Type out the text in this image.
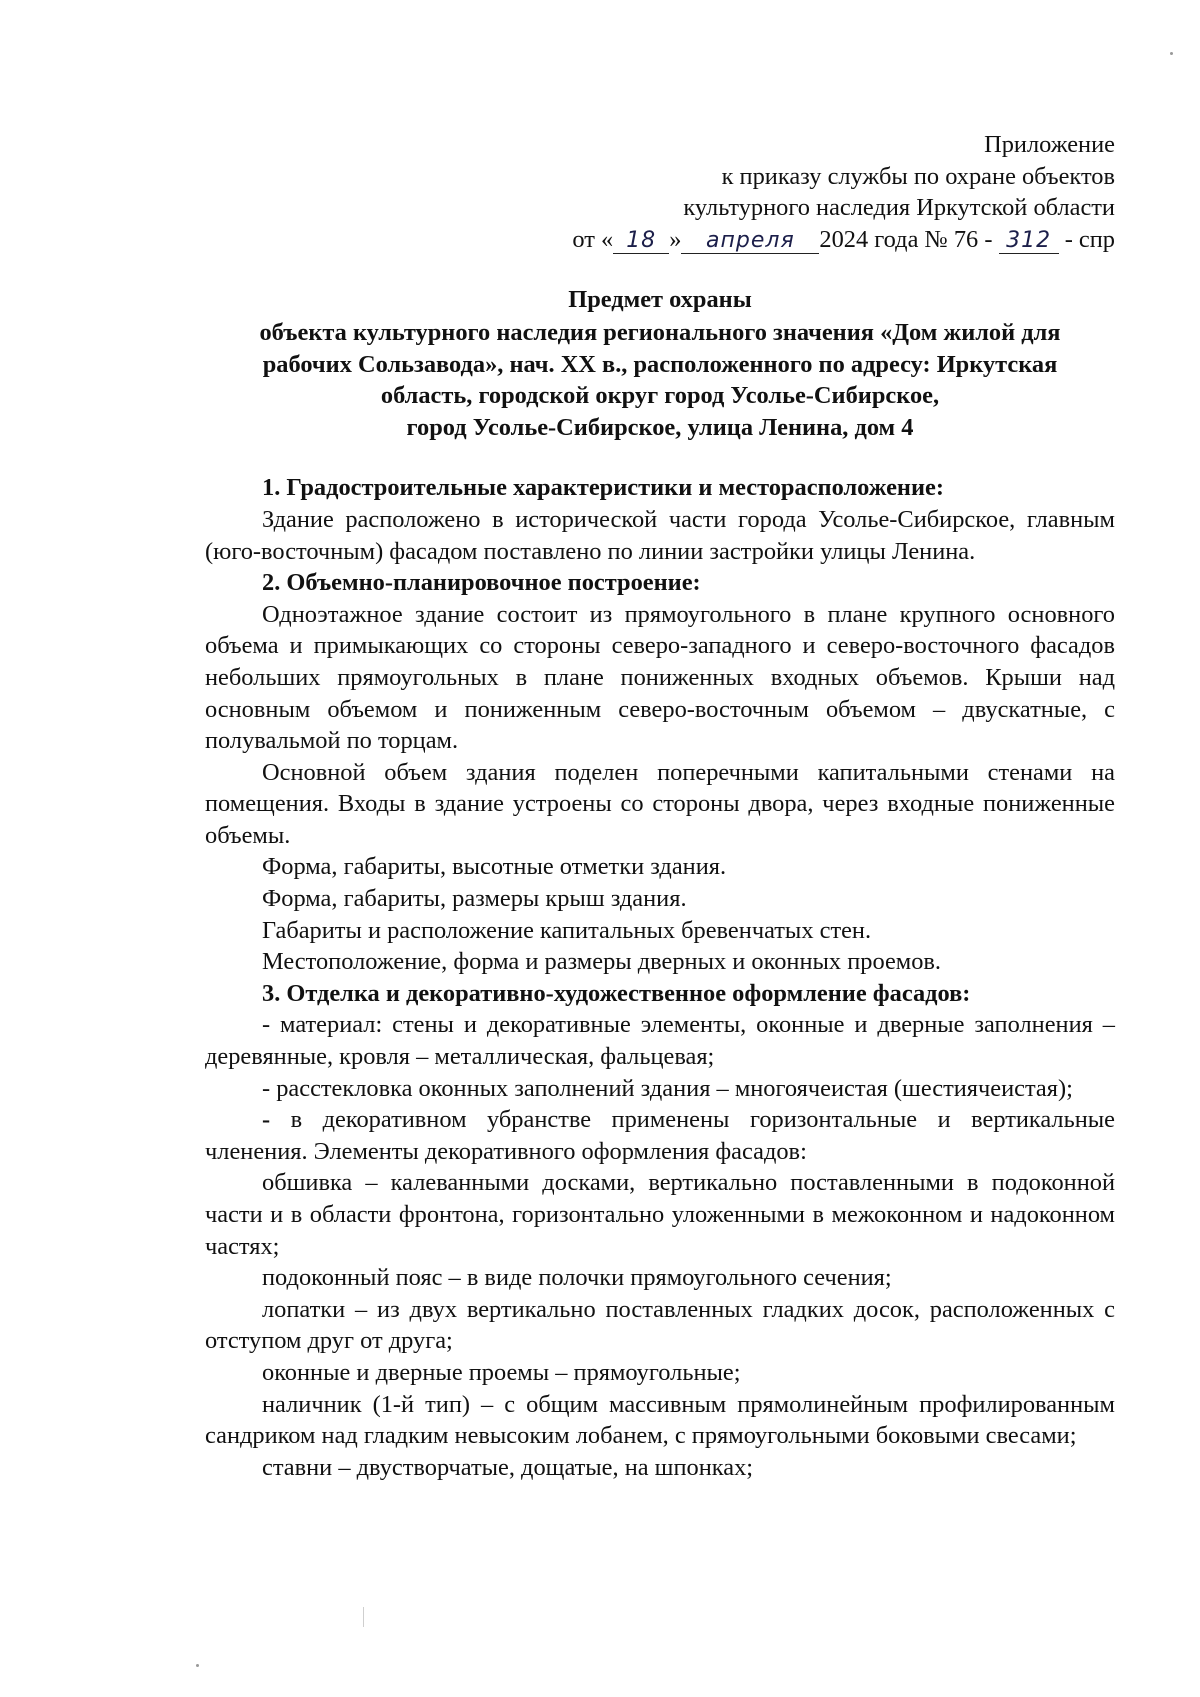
Приложение
к приказу службы по охране объектов
культурного наследия Иркутской области
от « 18 » апреля 2024 года № 76 - 312 - спр
Предмет охраны
объекта культурного наследия регионального значения «Дом жилой для
рабочих Сользавода», нач. XX в., расположенного по адресу: Иркутская
область, городской округ город Усолье-Сибирское,
город Усолье-Сибирское, улица Ленина, дом 4

1. Градостроительные характеристики и месторасположение:

Здание расположено в исторической части города Усолье-Сибирское, главным (юго-восточным) фасадом поставлено по линии застройки улицы Ленина.

2. Объемно-планировочное построение:

Одноэтажное здание состоит из прямоугольного в плане крупного основного объема и примыкающих со стороны северо-западного и северо-восточного фасадов небольших прямоугольных в плане пониженных входных объемов. Крыши над основным объемом и пониженным северо-восточным объемом – двускатные, с полувальмой по торцам.

Основной объем здания поделен поперечными капитальными стенами на помещения. Входы в здание устроены со стороны двора, через входные пониженные объемы.

Форма, габариты, высотные отметки здания.

Форма, габариты, размеры крыш здания.

Габариты и расположение капитальных бревенчатых стен.

Местоположение, форма и размеры дверных и оконных проемов.

3. Отделка и декоративно-художественное оформление фасадов:

- материал: стены и декоративные элементы, оконные и дверные заполнения – деревянные, кровля – металлическая, фальцевая;

- расстекловка оконных заполнений здания – многоячеистая (шестиячеистая);

- в декоративном убранстве применены горизонтальные и вертикальные членения. Элементы декоративного оформления фасадов:

обшивка – калеванными досками, вертикально поставленными в подоконной части и в области фронтона, горизонтально уложенными в межоконном и надоконном частях;

подоконный пояс – в виде полочки прямоугольного сечения;

лопатки – из двух вертикально поставленных гладких досок, расположенных с отступом друг от друга;

оконные и дверные проемы – прямоугольные;

наличник (1-й тип) – с общим массивным прямолинейным профилированным сандриком над гладким невысоким лобанем, с прямоугольными боковыми свесами;

ставни – двустворчатые, дощатые, на шпонках;
